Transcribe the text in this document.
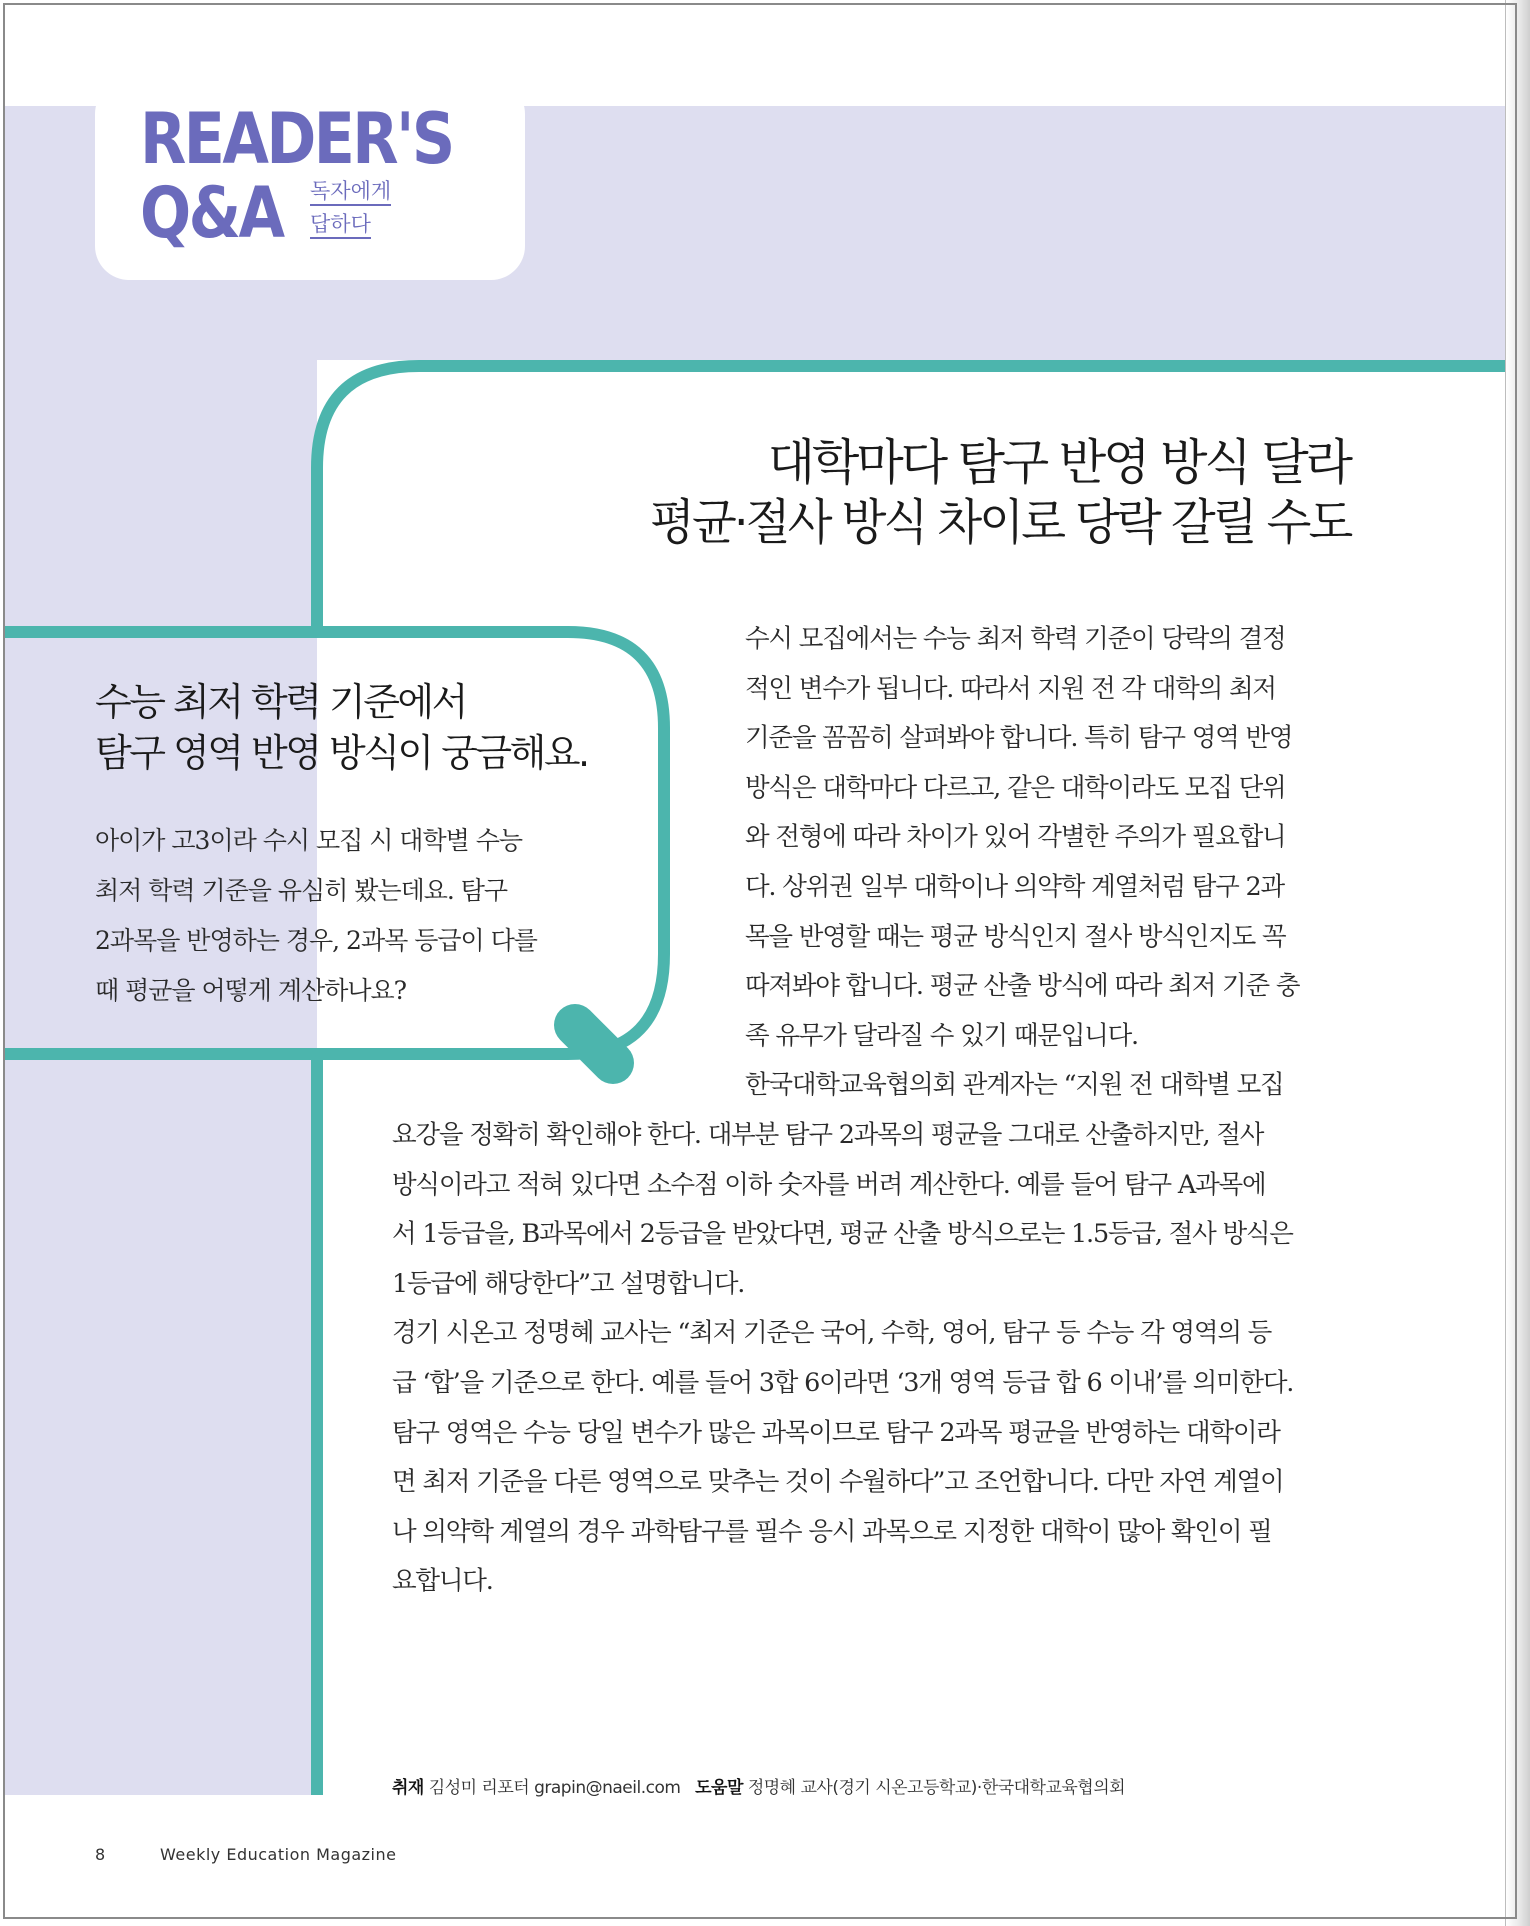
READER'S
Q&A 독자에게
답하다
대학마다 탐구 반영 방식 달라
평균·절사 방식 차이로 당락 갈릴 수도
수능 최저 학력 기준에서
탐구 영역 반영 방식이 궁금해요.
아이가 고3이라 수시 모집 시 대학별 수능
최저 학력 기준을 유심히 봤는데요. 탐구
2과목을 반영하는 경우, 2과목 등급이 다를
때 평균을 어떻게 계산하나요?
수시 모집에서는 수능 최저 학력 기준이 당락의 결정
적인 변수가 됩니다. 따라서 지원 전 각 대학의 최저
기준을 꼼꼼히 살펴봐야 합니다. 특히 탐구 영역 반영
방식은 대학마다 다르고, 같은 대학이라도 모집 단위
와 전형에 따라 차이가 있어 각별한 주의가 필요합니
다. 상위권 일부 대학이나 의약학 계열처럼 탐구 2과
목을 반영할 때는 평균 방식인지 절사 방식인지도 꼭
따져봐야 합니다. 평균 산출 방식에 따라 최저 기준 충
족 유무가 달라질 수 있기 때문입니다.
한국대학교육협의회 관계자는 “지원 전 대학별 모집
요강을 정확히 확인해야 한다. 대부분 탐구 2과목의 평균을 그대로 산출하지만, 절사
방식이라고 적혀 있다면 소수점 이하 숫자를 버려 계산한다. 예를 들어 탐구 A과목에
서 1등급을, B과목에서 2등급을 받았다면, 평균 산출 방식으로는 1.5등급, 절사 방식은
1등급에 해당한다”고 설명합니다.
경기 시온고 정명혜 교사는 “최저 기준은 국어, 수학, 영어, 탐구 등 수능 각 영역의 등
급 ‘합’을 기준으로 한다. 예를 들어 3합 6이라면 ‘3개 영역 등급 합 6 이내’를 의미한다.
탐구 영역은 수능 당일 변수가 많은 과목이므로 탐구 2과목 평균을 반영하는 대학이라
면 최저 기준을 다른 영역으로 맞추는 것이 수월하다”고 조언합니다. 다만 자연 계열이
나 의약학 계열의 경우 과학탐구를 필수 응시 과목으로 지정한 대학이 많아 확인이 필
요합니다.
취재 김성미 리포터 grapin@naeil.com 도움말 정명혜 교사(경기 시온고등학교)·한국대학교육협의회
8	Weekly Education Magazine
